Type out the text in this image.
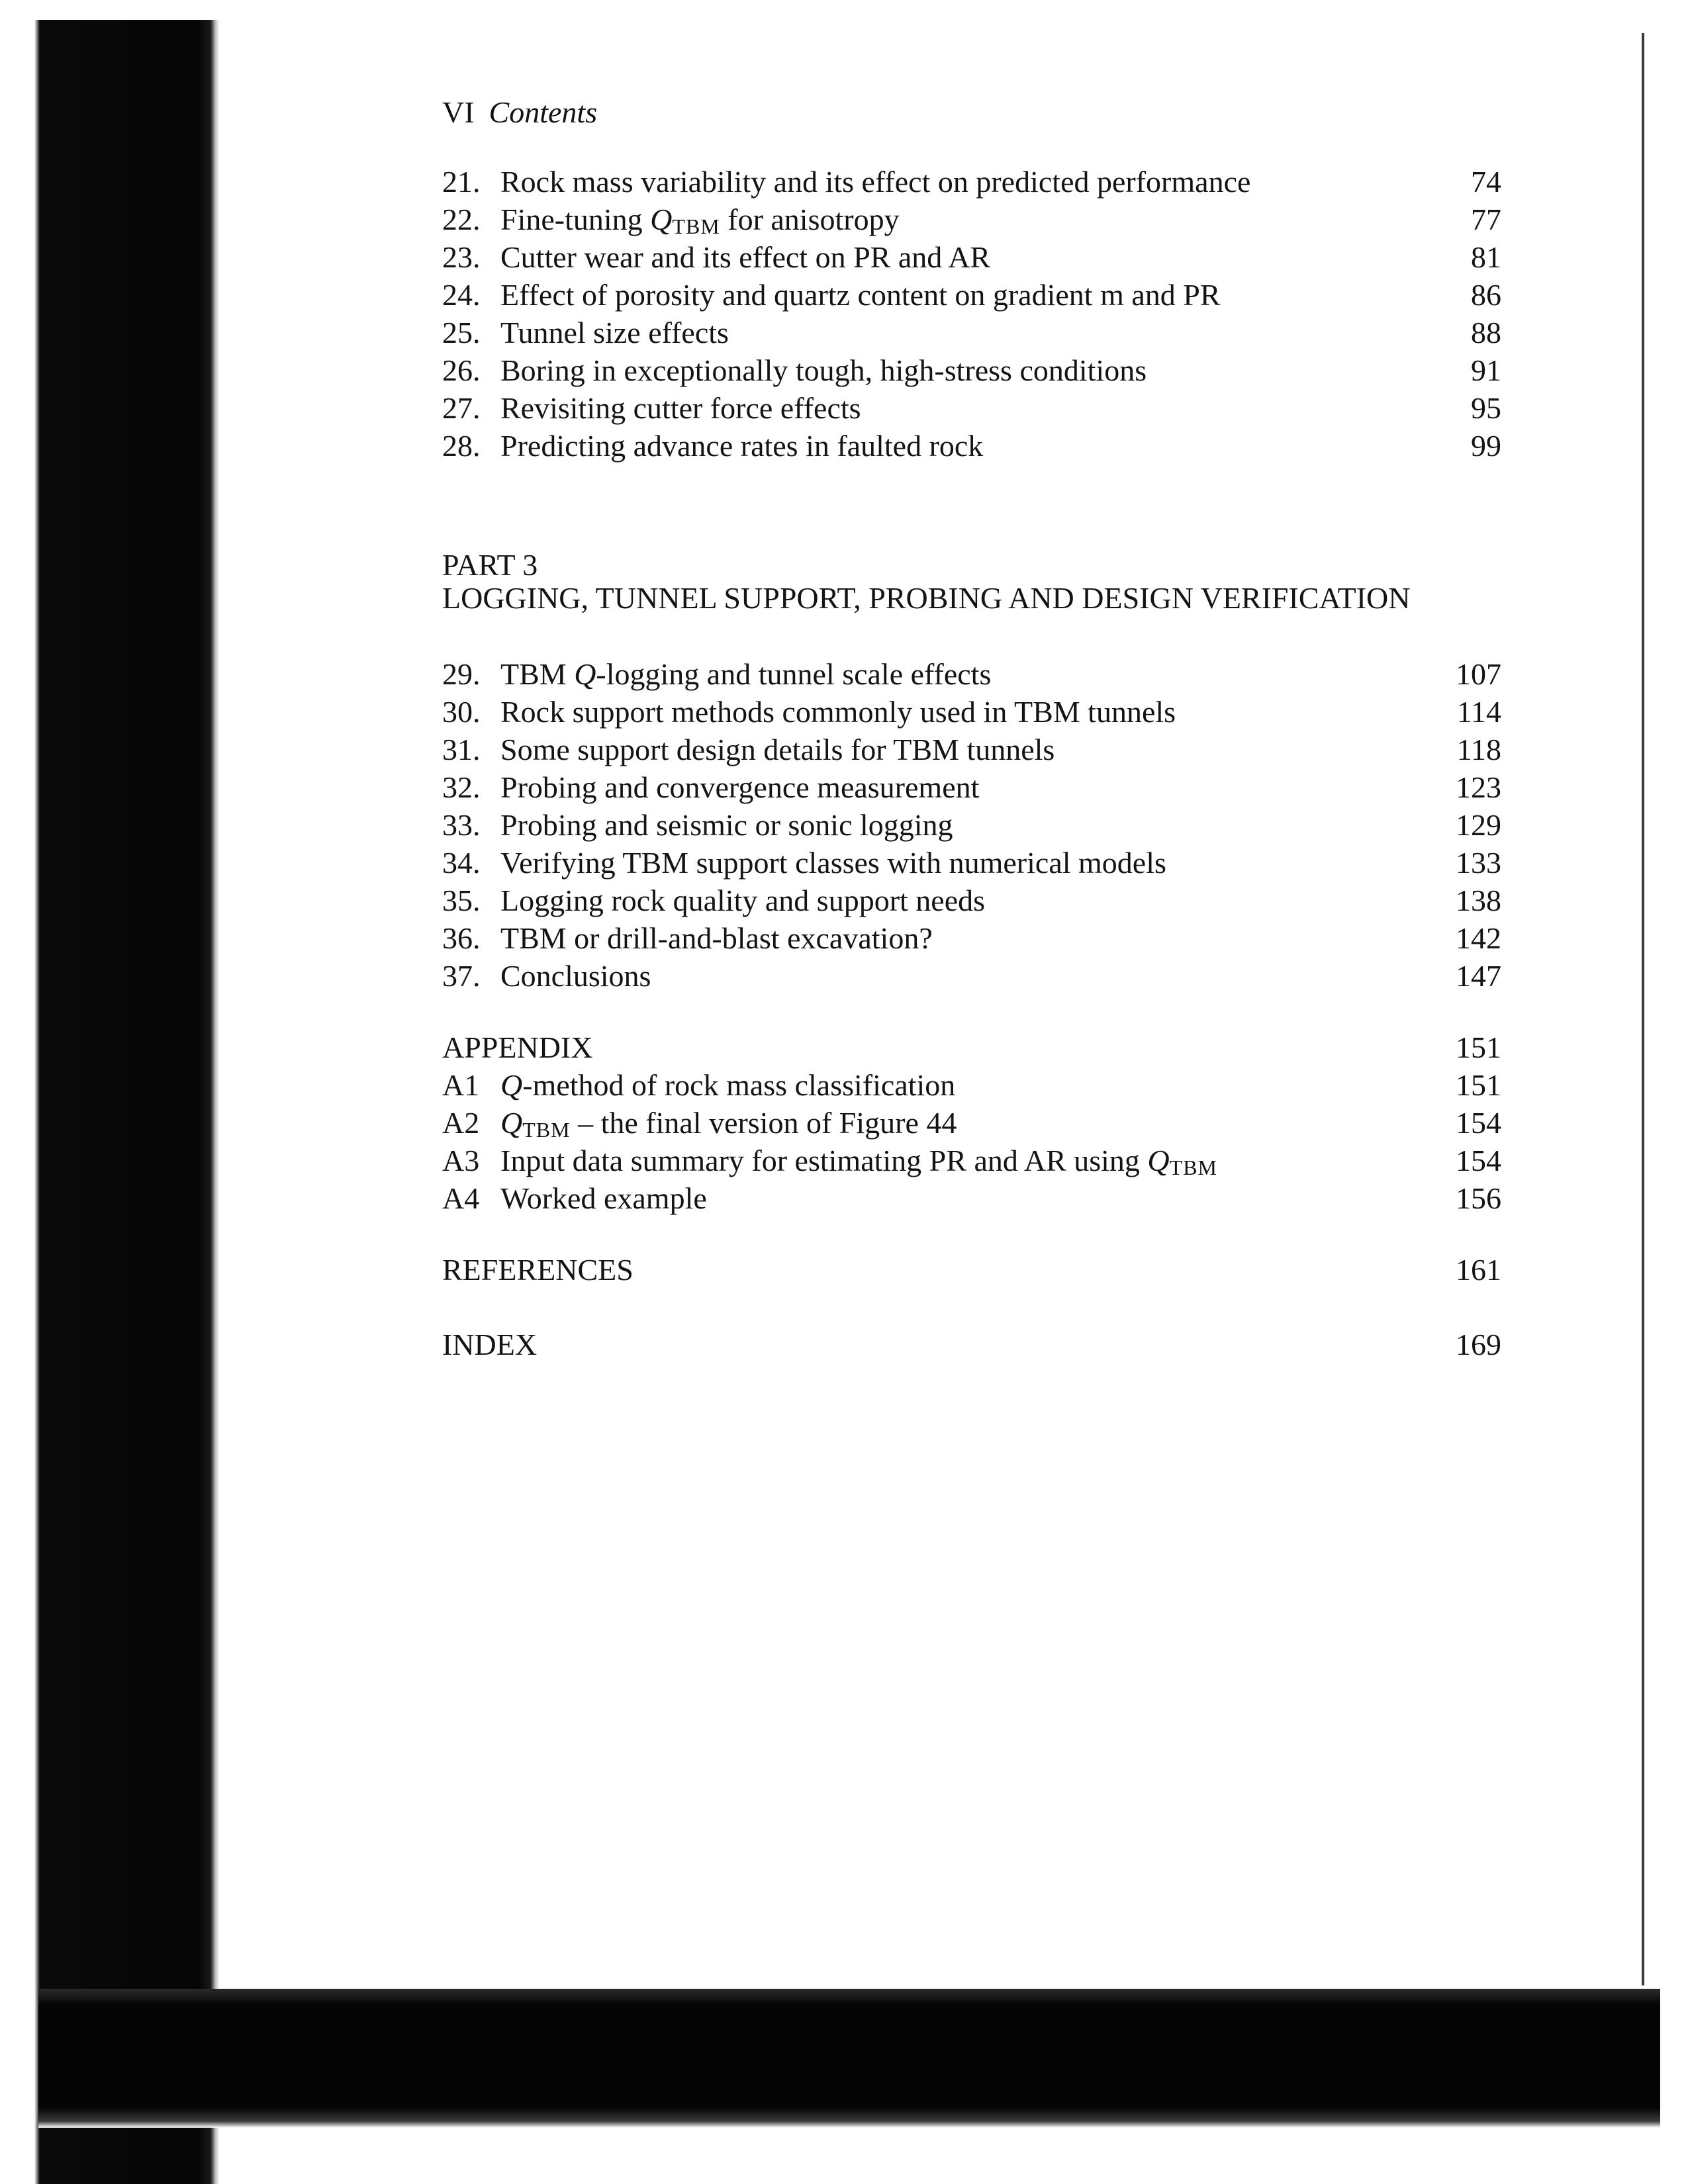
VI Contents
21. Rock mass variability and its effect on predicted performance	74
22. Fine-tuning QTBM for anisotropy	77
23. Cutter wear and its effect on PR and AR	81
24. Effect of porosity and quartz content on gradient m and PR	86
25. Tunnel size effects	88
26. Boring in exceptionally tough, high-stress conditions	91
27. Revisiting cutter force effects	95
28. Predicting advance rates in faulted rock	99
PART 3
LOGGING, TUNNEL SUPPORT, PROBING AND DESIGN VERIFICATION
29. TBM Q-logging and tunnel scale effects	107
30. Rock support methods commonly used in TBM tunnels	114
31. Some support design details for TBM tunnels	118
32. Probing and convergence measurement	123
33. Probing and seismic or sonic logging	129
34. Verifying TBM support classes with numerical models	133
35. Logging rock quality and support needs	138
36. TBM or drill-and-blast excavation?	142
37. Conclusions	147
APPENDIX	151
A1 Q-method of rock mass classification	151
A2 QTBM – the final version of Figure 44	154
A3 Input data summary for estimating PR and AR using QTBM	154
A4 Worked example	156
REFERENCES	161
INDEX	169
